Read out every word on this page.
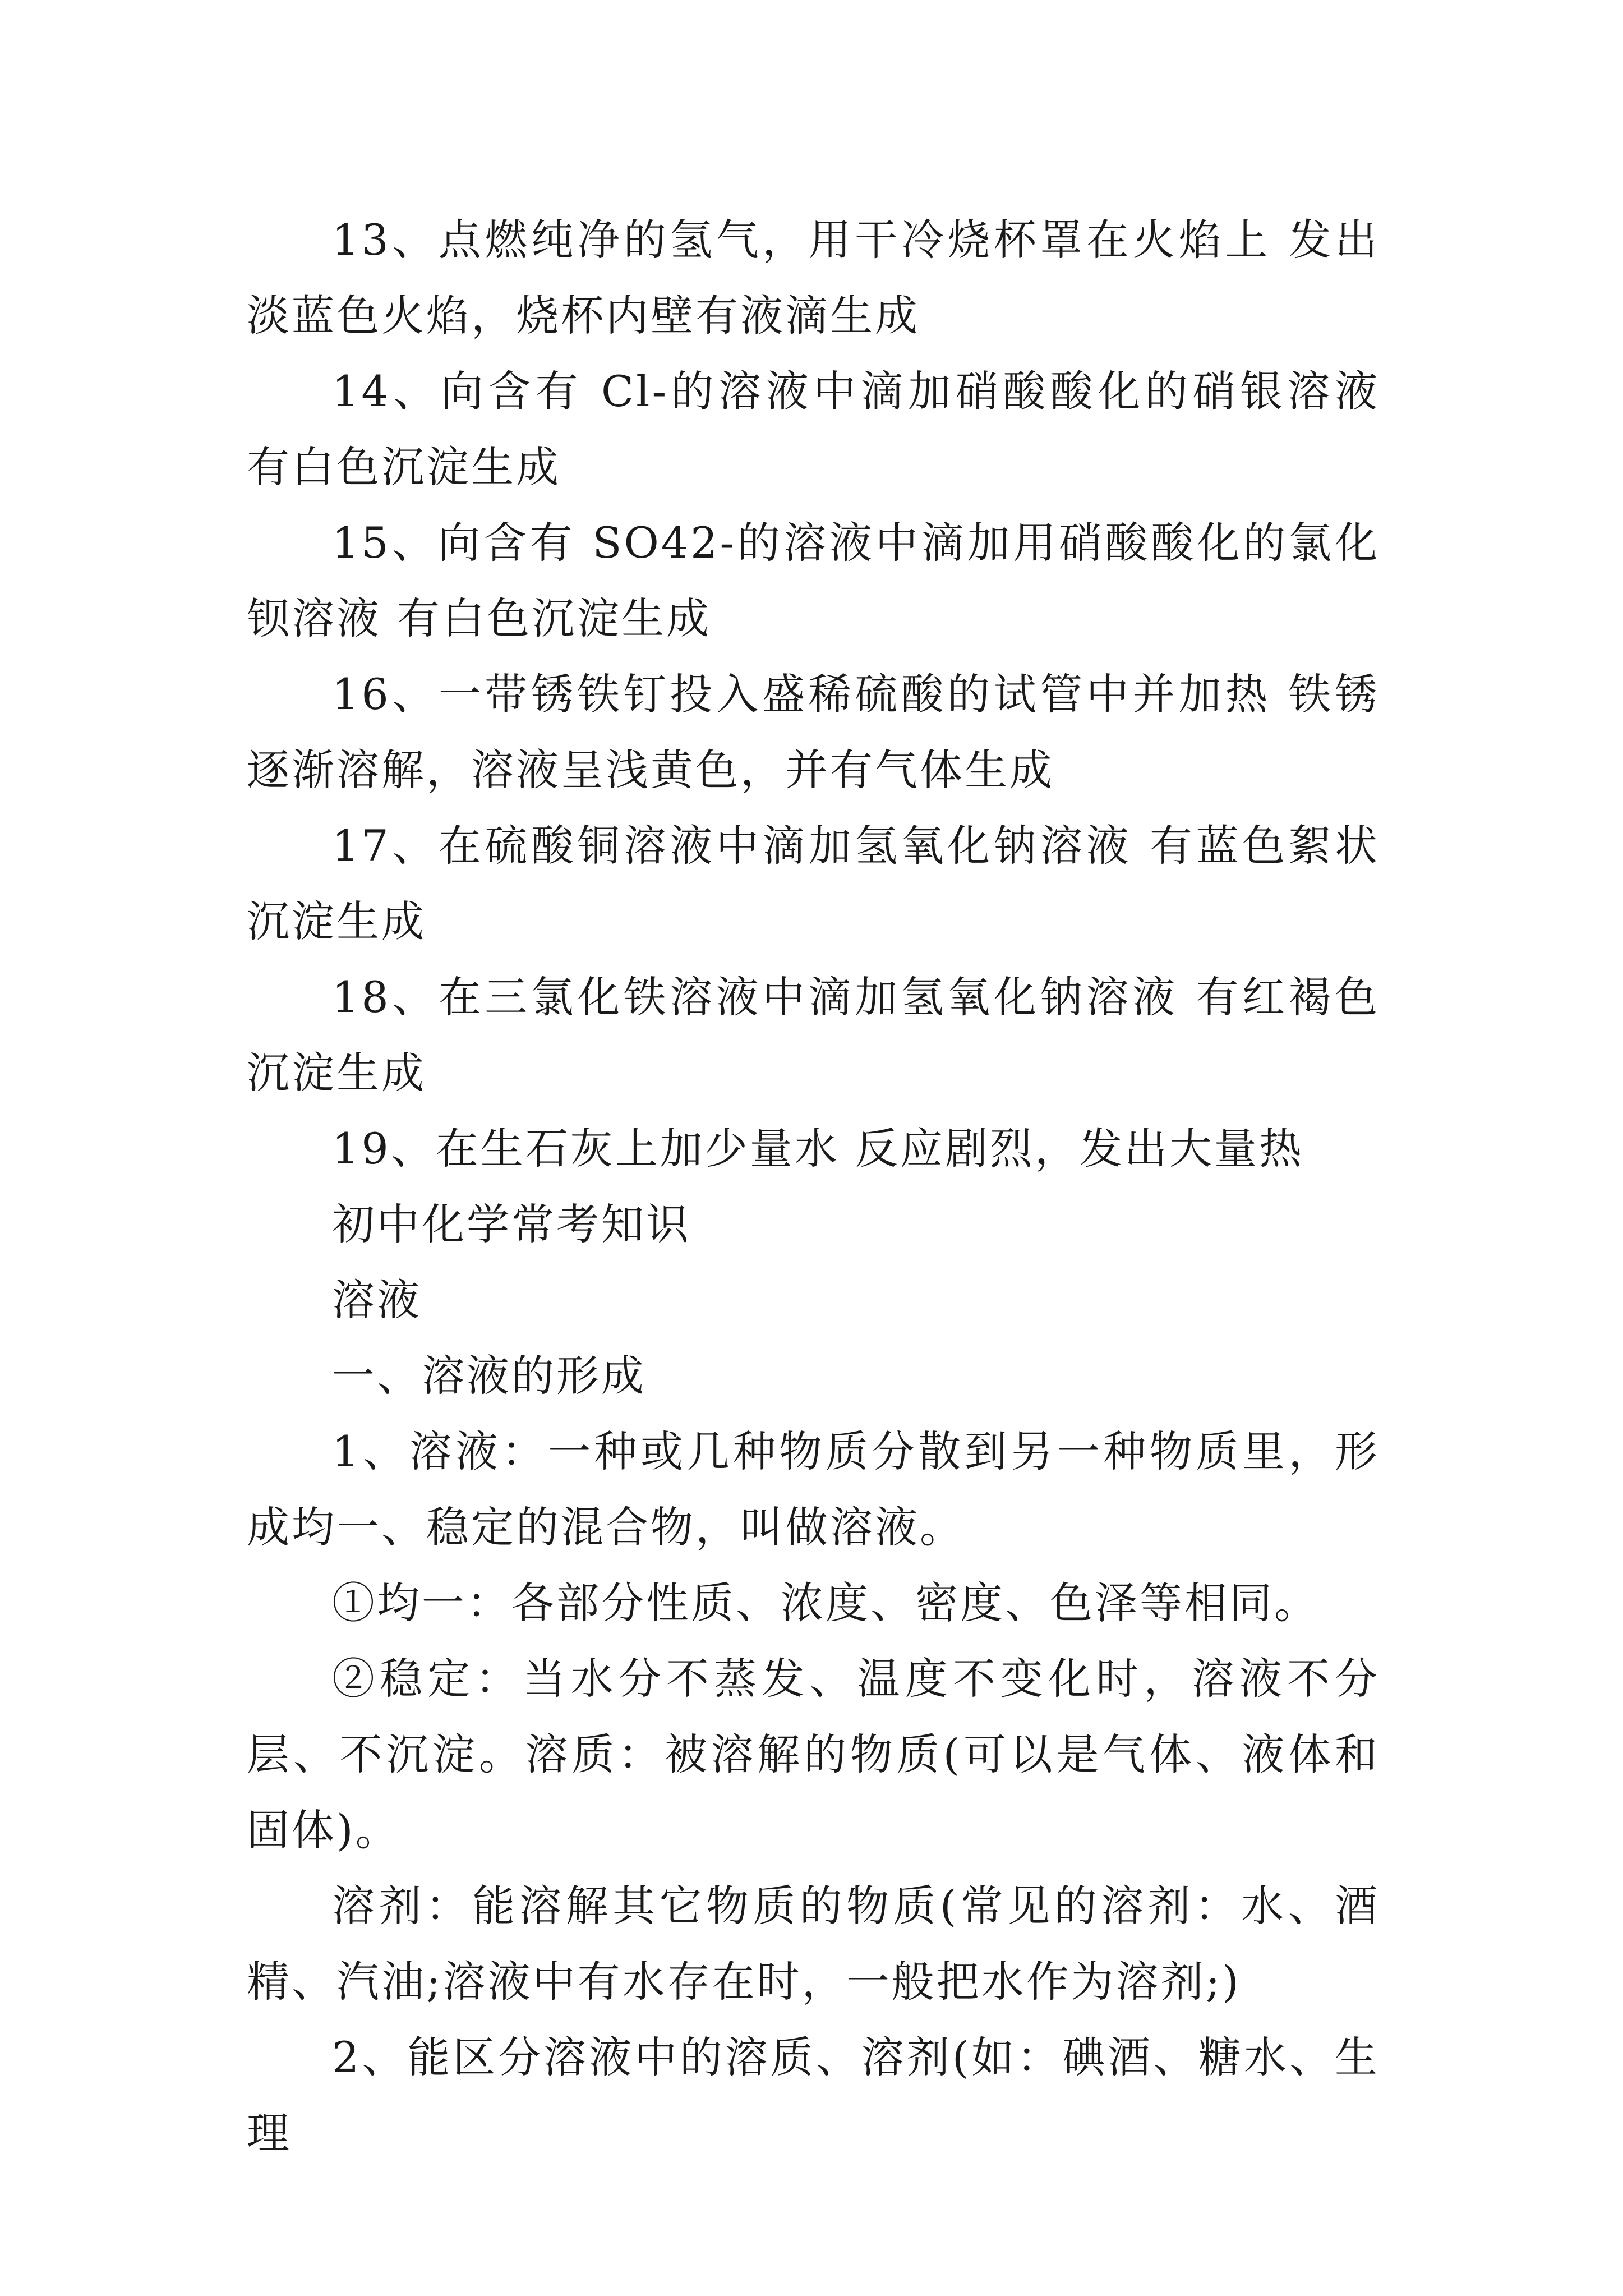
13、点燃纯净的氢气，用干冷烧杯罩在火焰上 发出淡蓝色火焰，烧杯内壁有液滴生成

14、向含有 Cl-的溶液中滴加硝酸酸化的硝银溶液 有白色沉淀生成

15、向含有 SO42-的溶液中滴加用硝酸酸化的氯化钡溶液 有白色沉淀生成

16、一带锈铁钉投入盛稀硫酸的试管中并加热 铁锈逐渐溶解，溶液呈浅黄色，并有气体生成

17、在硫酸铜溶液中滴加氢氧化钠溶液 有蓝色絮状沉淀生成

18、在三氯化铁溶液中滴加氢氧化钠溶液 有红褐色沉淀生成

19、在生石灰上加少量水 反应剧烈，发出大量热

初中化学常考知识

溶液

一、溶液的形成

1、溶液：一种或几种物质分散到另一种物质里，形成均一、稳定的混合物，叫做溶液。

①均一：各部分性质、浓度、密度、色泽等相同。

②稳定：当水分不蒸发、温度不变化时，溶液不分层、不沉淀。溶质：被溶解的物质(可以是气体、液体和固体)。

溶剂：能溶解其它物质的物质(常见的溶剂：水、酒精、汽油;溶液中有水存在时，一般把水作为溶剂;)

2、能区分溶液中的溶质、溶剂(如：碘酒、糖水、生理
